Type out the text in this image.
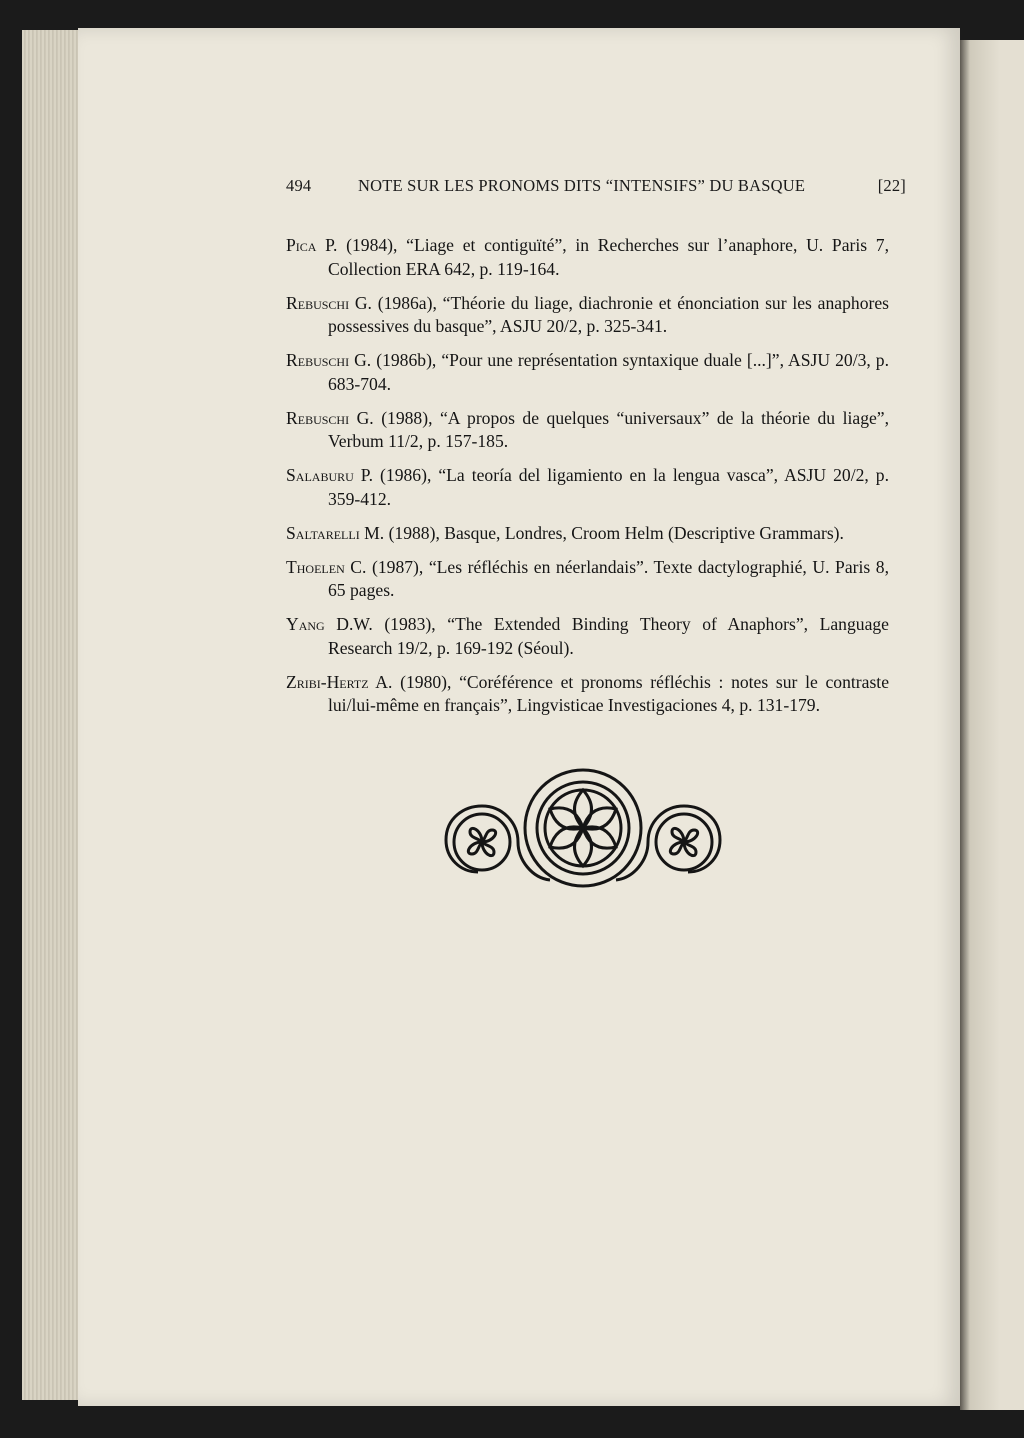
494	NOTE SUR LES PRONOMS DITS “INTENSIFS” DU BASQUE	[22]

Pica P. (1984), “Liage et contiguïté”, in Recherches sur l’anaphore, U. Paris 7, Collection ERA 642, p. 119-164.

Rebuschi G. (1986a), “Théorie du liage, diachronie et énonciation sur les anaphores possessives du basque”, ASJU 20/2, p. 325-341.

Rebuschi G. (1986b), “Pour une représentation syntaxique duale [...]”, ASJU 20/3, p. 683-704.

Rebuschi G. (1988), “A propos de quelques “universaux” de la théorie du liage”, Verbum 11/2, p. 157-185.

Salaburu P. (1986), “La teoría del ligamiento en la lengua vasca”, ASJU 20/2, p. 359-412.

Saltarelli M. (1988), Basque, Londres, Croom Helm (Descriptive Grammars).

Thoelen C. (1987), “Les réfléchis en néerlandais”. Texte dactylographié, U. Paris 8, 65 pages.

Yang D.W. (1983), “The Extended Binding Theory of Anaphors”, Language Research 19/2, p. 169-192 (Séoul).

Zribi-Hertz A. (1980), “Coréférence et pronoms réfléchis : notes sur le contraste lui/lui-même en français”, Lingvisticae Investigaciones 4, p. 131-179.
